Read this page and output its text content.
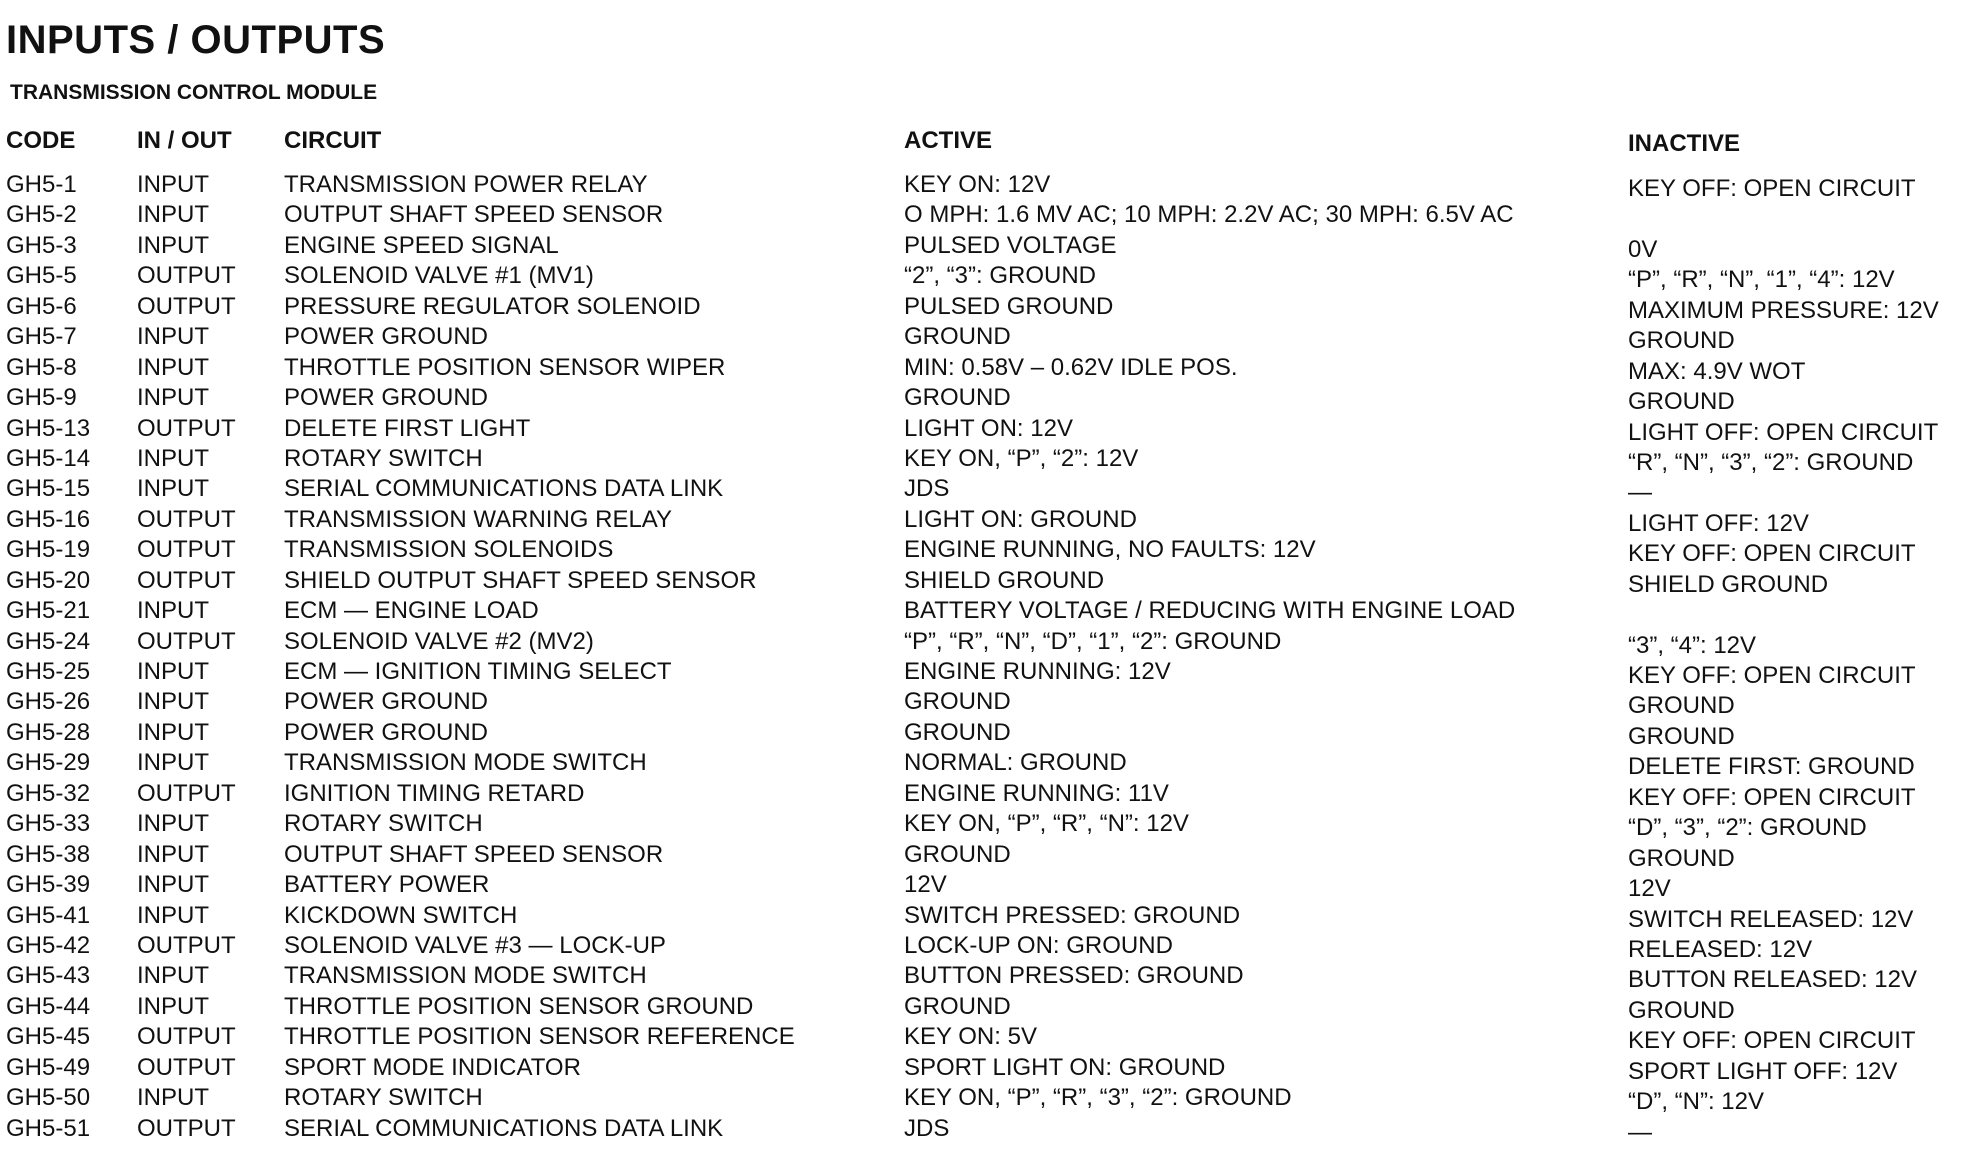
INPUTS / OUTPUTS
TRANSMISSION CONTROL MODULE
CODE	IN / OUT CIRCUIT	ACTIVE	INACTIVE
GH5-1	INPUT	TRANSMISSION POWER RELAY	KEY ON: 12V	KEY OFF: OPEN CIRCUIT
GH5-2	INPUT	OUTPUT SHAFT SPEED SENSOR	O MPH: 1.6 MV AC; 10 MPH: 2.2V AC; 30 MPH: 6.5V AC
GH5-3	INPUT	ENGINE SPEED SIGNAL	PULSED VOLTAGE	0V
GH5-5	OUTPUT SOLENOID VALVE #1 (MV1)	“2”, “3”: GROUND	“P”, “R”, “N”, “1”, “4”: 12V
GH5-6	OUTPUT PRESSURE REGULATOR SOLENOID	PULSED GROUND	MAXIMUM PRESSURE: 12V
GH5-7	INPUT	POWER GROUND	GROUND	GROUND
GH5-8	INPUT	THROTTLE POSITION SENSOR WIPER	MIN: 0.58V – 0.62V IDLE POS.	MAX: 4.9V WOT
GH5-9	INPUT	POWER GROUND	GROUND	GROUND
GH5-13 OUTPUT DELETE FIRST LIGHT	LIGHT ON: 12V	LIGHT OFF: OPEN CIRCUIT
GH5-14 INPUT	ROTARY SWITCH	KEY ON, “P”, “2”: 12V	“R”, “N”, “3”, “2”: GROUND
GH5-15 INPUT	SERIAL COMMUNICATIONS DATA LINK	JDS	—
GH5-16 OUTPUT TRANSMISSION WARNING RELAY	LIGHT ON: GROUND	LIGHT OFF: 12V
GH5-19 OUTPUT TRANSMISSION SOLENOIDS	ENGINE RUNNING, NO FAULTS: 12V	KEY OFF: OPEN CIRCUIT
GH5-20 OUTPUT SHIELD OUTPUT SHAFT SPEED SENSOR	SHIELD GROUND	SHIELD GROUND
GH5-21 INPUT	ECM — ENGINE LOAD	BATTERY VOLTAGE / REDUCING WITH ENGINE LOAD
GH5-24 OUTPUT SOLENOID VALVE #2 (MV2)	“P”, “R”, “N”, “D”, “1”, “2”: GROUND	“3”, “4”: 12V
GH5-25 INPUT	ECM — IGNITION TIMING SELECT	ENGINE RUNNING: 12V	KEY OFF: OPEN CIRCUIT
GH5-26 INPUT	POWER GROUND	GROUND	GROUND
GH5-28 INPUT	POWER GROUND	GROUND	GROUND
GH5-29 INPUT	TRANSMISSION MODE SWITCH	NORMAL: GROUND	DELETE FIRST: GROUND
GH5-32 OUTPUT IGNITION TIMING RETARD	ENGINE RUNNING: 11V	KEY OFF: OPEN CIRCUIT
GH5-33 INPUT	ROTARY SWITCH	KEY ON, “P”, “R”, “N”: 12V	“D”, “3”, “2”: GROUND
GH5-38 INPUT	OUTPUT SHAFT SPEED SENSOR	GROUND	GROUND
GH5-39 INPUT	BATTERY POWER	12V	12V
GH5-41 INPUT	KICKDOWN SWITCH	SWITCH PRESSED: GROUND	SWITCH RELEASED: 12V
GH5-42 OUTPUT SOLENOID VALVE #3 — LOCK-UP	LOCK-UP ON: GROUND	RELEASED: 12V
GH5-43 INPUT	TRANSMISSION MODE SWITCH	BUTTON PRESSED: GROUND	BUTTON RELEASED: 12V
GH5-44 INPUT	THROTTLE POSITION SENSOR GROUND	GROUND	GROUND
GH5-45 OUTPUT THROTTLE POSITION SENSOR REFERENCE	KEY ON: 5V	KEY OFF: OPEN CIRCUIT
GH5-49 OUTPUT SPORT MODE INDICATOR	SPORT LIGHT ON: GROUND	SPORT LIGHT OFF: 12V
GH5-50 INPUT	ROTARY SWITCH	KEY ON, “P”, “R”, “3”, “2”: GROUND	“D”, “N”: 12V
GH5-51 OUTPUT SERIAL COMMUNICATIONS DATA LINK	JDS	—
